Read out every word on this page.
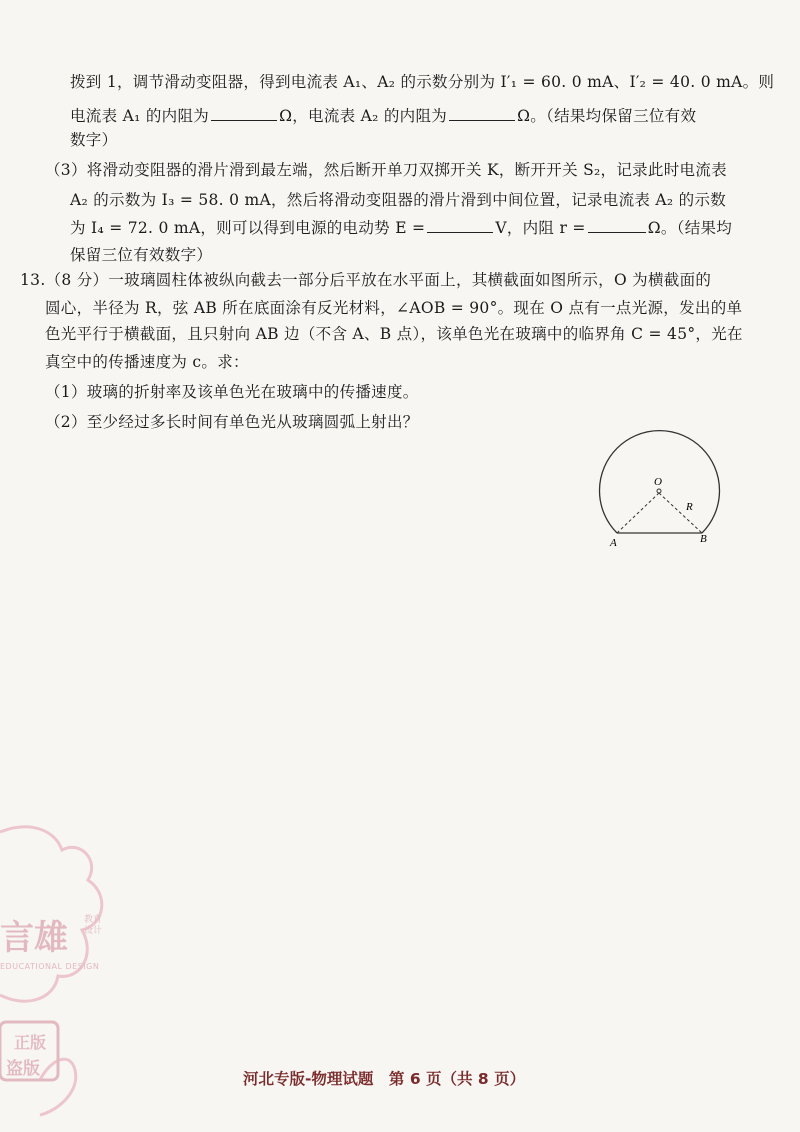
拨到 1，调节滑动变阻器，得到电流表 A₁、A₂ 的示数分别为 I′₁ = 60. 0 mA、I′₂ = 40. 0 mA。则
电流表 A₁ 的内阻为	Ω，电流表 A₂ 的内阻为	Ω。（结果均保留三位有效
数字）
（3）将滑动变阻器的滑片滑到最左端，然后断开单刀双掷开关 K，断开开关 S₂，记录此时电流表
A₂ 的示数为 I₃ = 58. 0 mA，然后将滑动变阻器的滑片滑到中间位置，记录电流表 A₂ 的示数
为 I₄ = 72. 0 mA，则可以得到电源的电动势 E =	V，内阻 r =	Ω。（结果均
保留三位有效数字）
13.（8 分）一玻璃圆柱体被纵向截去一部分后平放在水平面上，其横截面如图所示，O 为横截面的
圆心，半径为 R，弦 AB 所在底面涂有反光材料，∠AOB = 90°。现在 O 点有一点光源，发出的单
色光平行于横截面，且只射向 AB 边（不含 A、B 点），该单色光在玻璃中的临界角 C = 45°，光在
真空中的传播速度为 c。求：
（1）玻璃的折射率及该单色光在玻璃中的传播速度。
（2）至少经过多长时间有单色光从玻璃圆弧上射出？
O
R
A	B
言雄 教育设计
EDUCATIONAL DESIGN
正版
盗版	河北专版-物理试题　第 6 页（共 8 页）
